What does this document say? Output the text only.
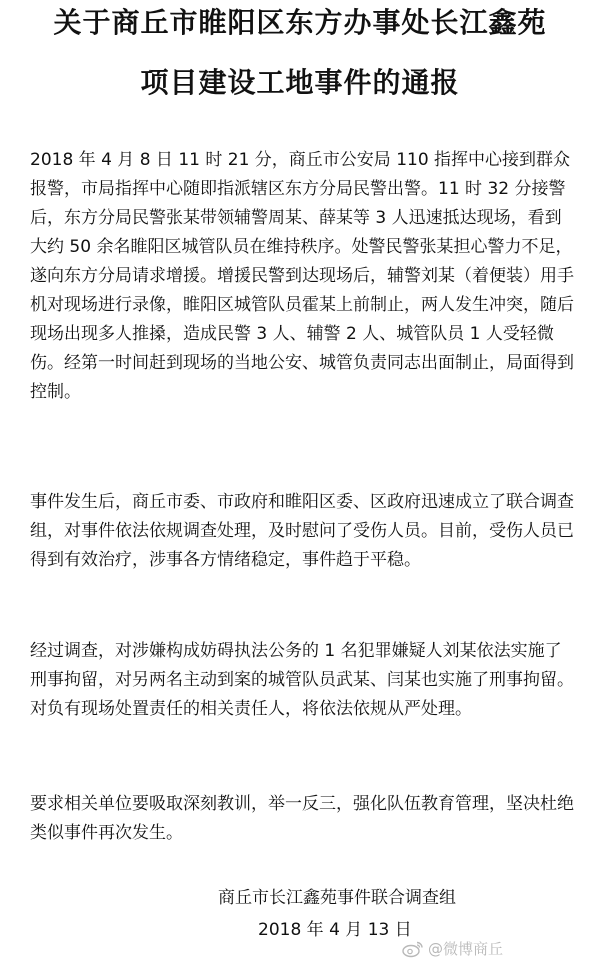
关于商丘市睢阳区东方办事处长江鑫苑
项目建设工地事件的通报
2018 年 4 月 8 日 11 时 21 分，商丘市公安局 110 指挥中心接到群众报警，市局指挥中心随即指派辖区东方分局民警出警。11 时 32 分接警后，东方分局民警张某带领辅警周某、薛某等 3 人迅速抵达现场，看到大约 50 余名睢阳区城管队员在维持秩序。处警民警张某担心警力不足，遂向东方分局请求增援。增援民警到达现场后，辅警刘某（着便装）用手机对现场进行录像，睢阳区城管队员霍某上前制止，两人发生冲突，随后现场出现多人推搡，造成民警 3 人、辅警 2 人、城管队员 1 人受轻微伤。经第一时间赶到现场的当地公安、城管负责同志出面制止，局面得到控制。
事件发生后，商丘市委、市政府和睢阳区委、区政府迅速成立了联合调查组，对事件依法依规调查处理，及时慰问了受伤人员。目前，受伤人员已得到有效治疗，涉事各方情绪稳定，事件趋于平稳。
经过调查，对涉嫌构成妨碍执法公务的 1 名犯罪嫌疑人刘某依法实施了刑事拘留，对另两名主动到案的城管队员武某、闫某也实施了刑事拘留。对负有现场处置责任的相关责任人，将依法依规从严处理。
要求相关单位要吸取深刻教训，举一反三，强化队伍教育管理，坚决杜绝类似事件再次发生。
商丘市长江鑫苑事件联合调查组
2018 年 4 月 13 日
@微博商丘
